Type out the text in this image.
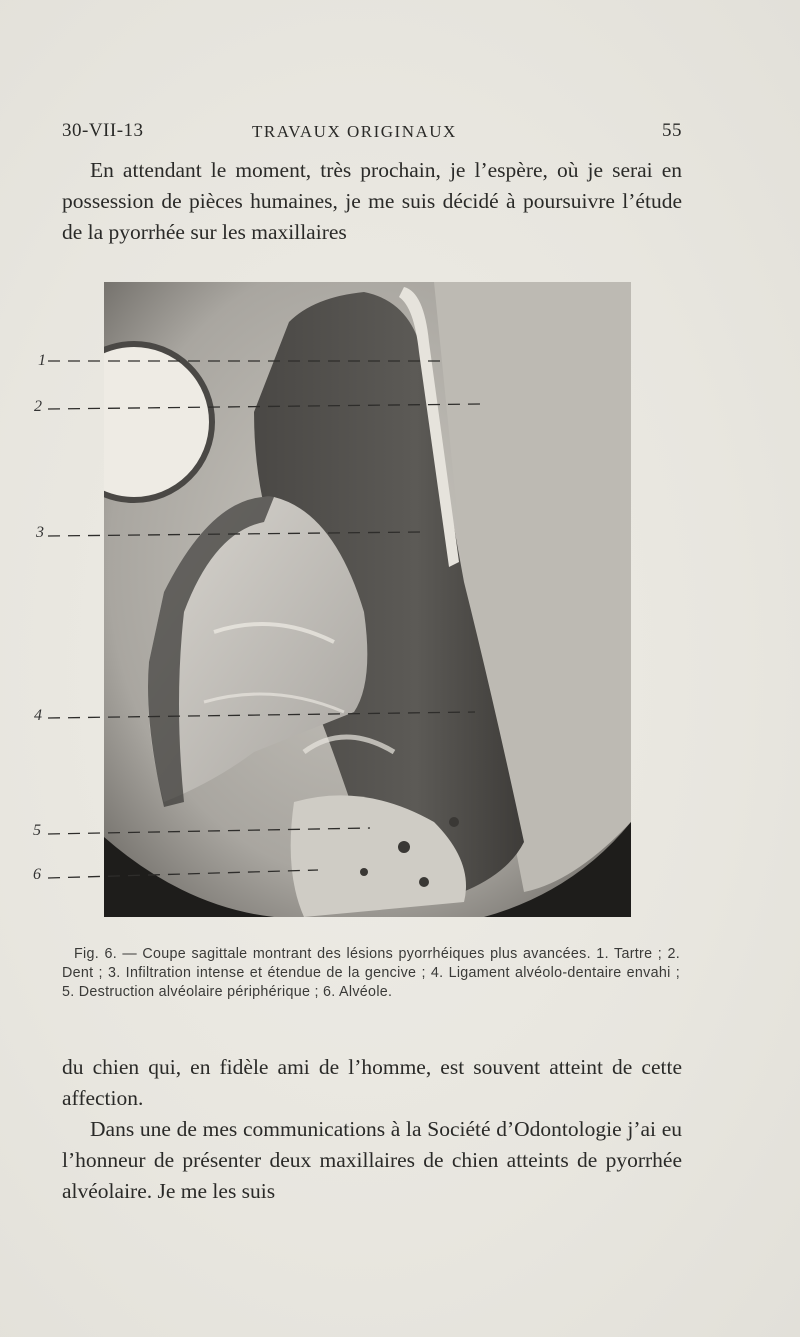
30-VII-13	TRAVAUX ORIGINAUX	55
En attendant le moment, très prochain, je l’espère, où je serai en possession de pièces humaines, je me suis décidé à poursuivre l’étude de la pyorrhée sur les maxillaires
1
2
3
4
5
6
Fig. 6. — Coupe sagittale montrant des lésions pyorrhéiques plus avancées. 1. Tartre ; 2. Dent ; 3. Infiltration intense et étendue de la gencive ; 4. Ligament alvéolo-dentaire envahi ; 5. Destruction alvéolaire périphérique ; 6. Alvéole.

du chien qui, en fidèle ami de l’homme, est souvent atteint de cette affection.

Dans une de mes communications à la Société d’Odontologie j’ai eu l’honneur de présenter deux maxillaires de chien atteints de pyorrhée alvéolaire. Je me les suis
